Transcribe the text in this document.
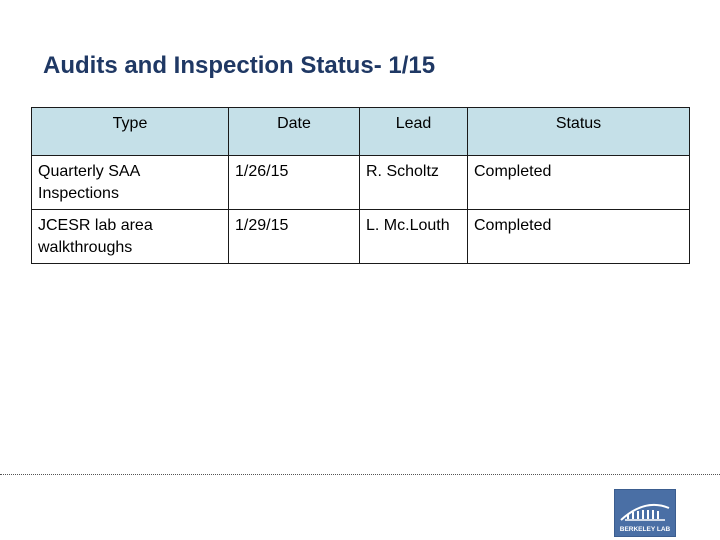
Audits and Inspection Status- 1/15
Type	Date	Lead	Status
Quarterly SAA Inspections	1/26/15	R. Scholtz	Completed
JCESR lab area walkthroughs	1/29/15	L. Mc.Louth	Completed
BERKELEY LAB
